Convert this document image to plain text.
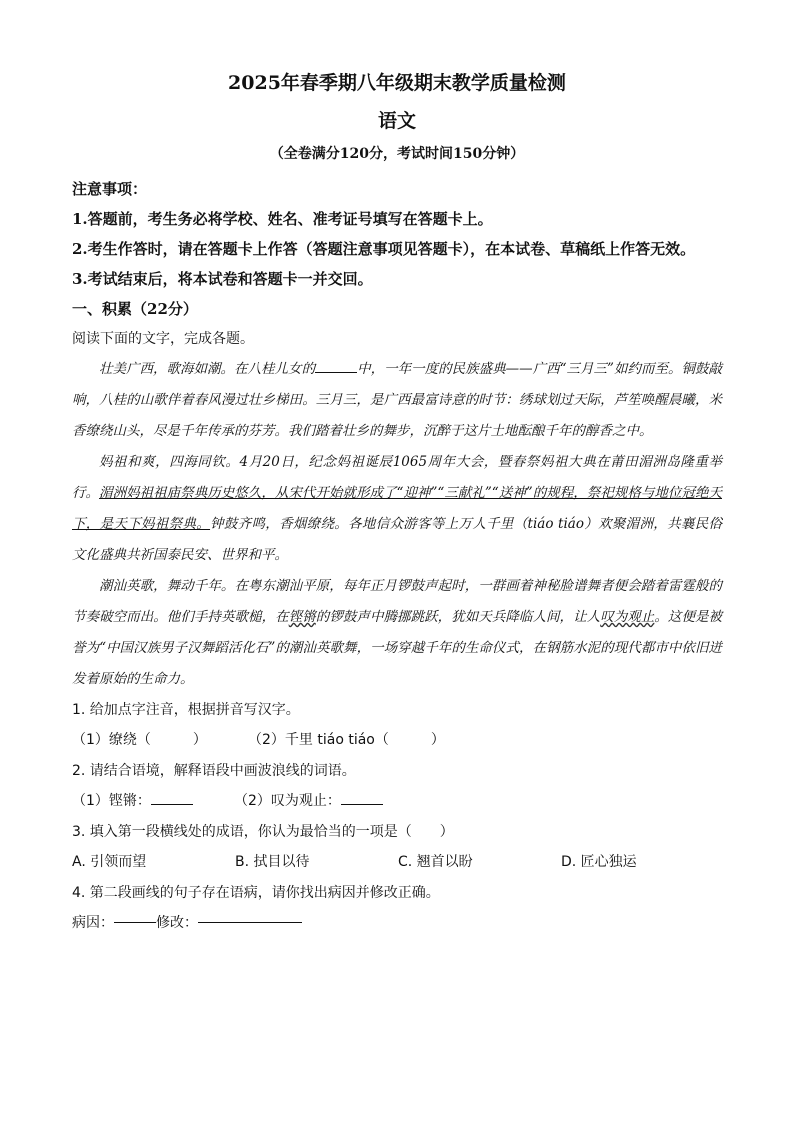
2025年春季期八年级期末教学质量检测
语文
（全卷满分120分，考试时间150分钟）
注意事项：
1.答题前，考生务必将学校、姓名、准考证号填写在答题卡上。
2.考生作答时，请在答题卡上作答（答题注意事项见答题卡），在本试卷、草稿纸上作答无效。
3.考试结束后，将本试卷和答题卡一并交回。
一、积累（22分）
阅读下面的文字，完成各题。
壮美广西，歌海如潮。在八桂儿女的	中，一年一度的民族盛典——广西“三月三”如约而至。铜鼓敲响，八桂的山歌伴着春风漫过壮乡梯田。三月三，是广西最富诗意的时节：绣球划过天际，芦笙唤醒晨曦，米香缭绕山头，尽是千年传承的芬芳。我们踏着壮乡的舞步，沉醉于这片土地酝酿千年的醇香之中。
妈祖和爽，四海同钦。4月20日，纪念妈祖诞辰1065周年大会，暨春祭妈祖大典在莆田湄洲岛隆重举行。湄洲妈祖祖庙祭典历史悠久，从宋代开始就形成了“迎神”“三献礼”“送神”的规程，祭祀规格与地位冠绝天下，是天下妈祖祭典。钟鼓齐鸣，香烟缭绕。各地信众游客等上万人千里（tiáo tiáo）欢聚湄洲，共襄民俗文化盛典共祈国泰民安、世界和平。
潮汕英歌，舞动千年。在粤东潮汕平原，每年正月锣鼓声起时，一群画着神秘脸谱舞者便会踏着雷霆般的节奏破空而出。他们手持英歌槌，在铿锵的锣鼓声中腾挪跳跃，犹如天兵降临人间，让人叹为观止。这便是被誉为“中国汉族男子汉舞蹈活化石”的潮汕英歌舞，一场穿越千年的生命仪式，在钢筋水泥的现代都市中依旧迸发着原始的生命力。
1. 给加点字注音，根据拼音写汉字。
（1）缭绕（　　　）	（2）千里 tiáo tiáo（　　　）
2. 请结合语境，解释语段中画波浪线的词语。
（1）铿锵：	（2）叹为观止：
3. 填入第一段横线处的成语，你认为最恰当的一项是（　　）
A. 引领而望	B. 拭目以待	C. 翘首以盼	D. 匠心独运
4. 第二段画线的句子存在语病，请你找出病因并修改正确。
病因：	修改：
